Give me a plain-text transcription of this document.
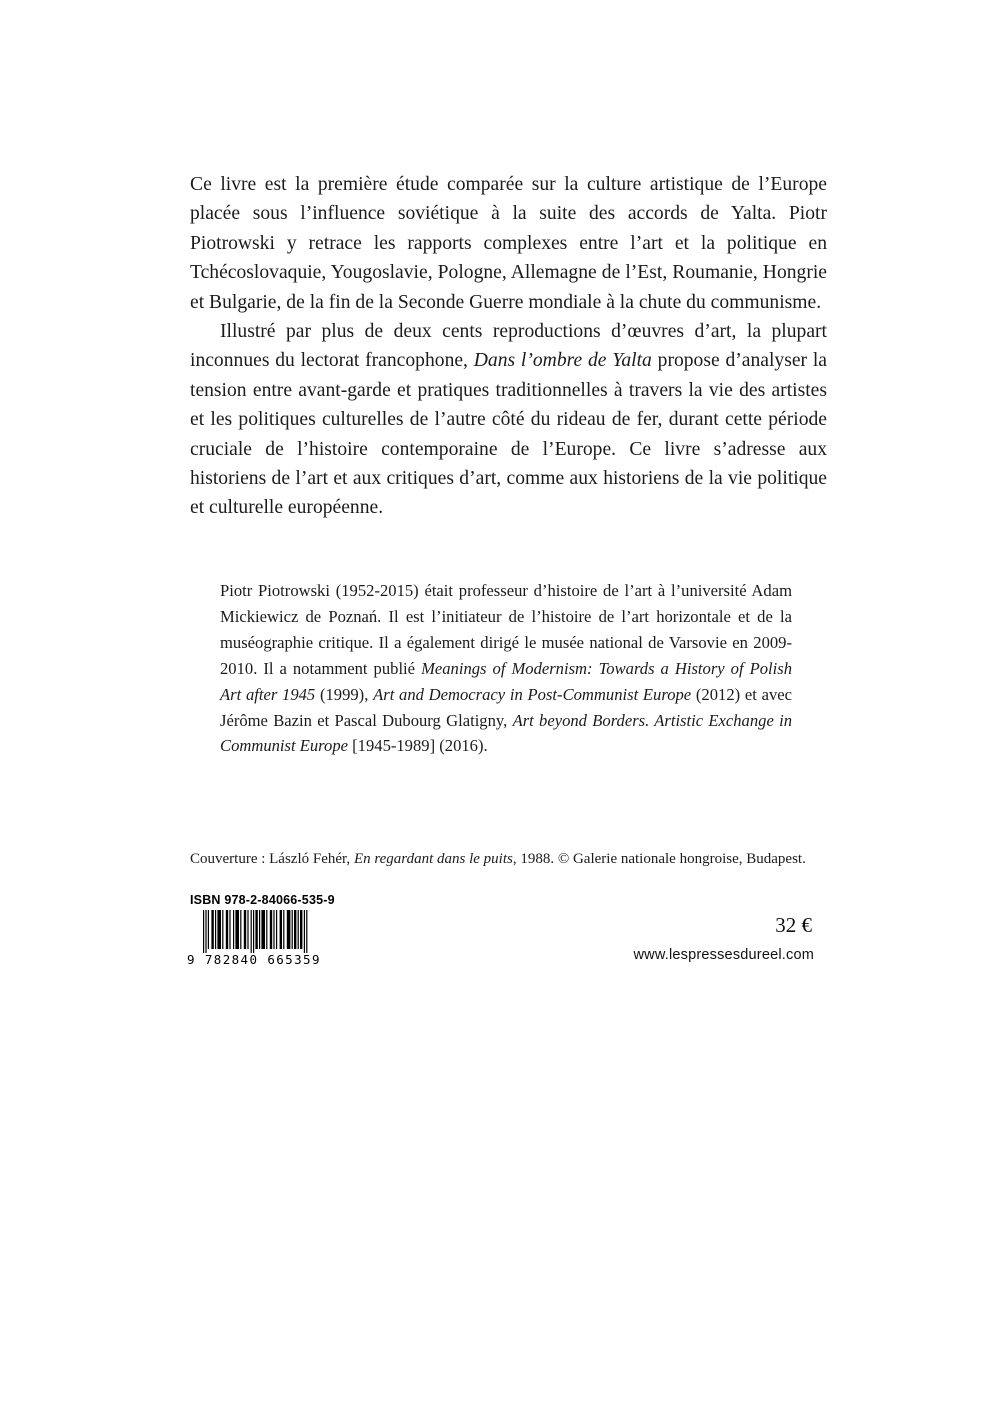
Ce livre est la première étude comparée sur la culture artistique de l’Europe placée sous l’influence soviétique à la suite des accords de Yalta. Piotr Piotrowski y retrace les rapports complexes entre l’art et la politique en Tchécoslovaquie, Yougoslavie, Pologne, Allemagne de l’Est, Roumanie, Hongrie et Bulgarie, de la fin de la Seconde Guerre mondiale à la chute du communisme.

Illustré par plus de deux cents reproductions d’œuvres d’art, la plupart inconnues du lectorat francophone, Dans l’ombre de Yalta propose d’analyser la tension entre avant-garde et pratiques traditionnelles à travers la vie des artistes et les politiques culturelles de l’autre côté du rideau de fer, durant cette période cruciale de l’histoire contemporaine de l’Europe. Ce livre s’adresse aux historiens de l’art et aux critiques d’art, comme aux historiens de la vie politique et culturelle européenne.

Piotr Piotrowski (1952-2015) était professeur d’histoire de l’art à l’université Adam Mickiewicz de Poznań. Il est l’initiateur de l’histoire de l’art horizontale et de la muséographie critique. Il a également dirigé le musée national de Varsovie en 2009-2010. Il a notamment publié Meanings of Modernism: Towards a History of Polish Art after 1945 (1999), Art and Democracy in Post-Communist Europe (2012) et avec Jérôme Bazin et Pascal Dubourg Glatigny, Art beyond Borders. Artistic Exchange in Communist Europe [1945-1989] (2016).
Couverture : László Fehér, En regardant dans le puits, 1988. © Galerie nationale hongroise, Budapest.
ISBN 978-2-84066-535-9
9 782840 665359
32 €
www.lespressesdureel.com
